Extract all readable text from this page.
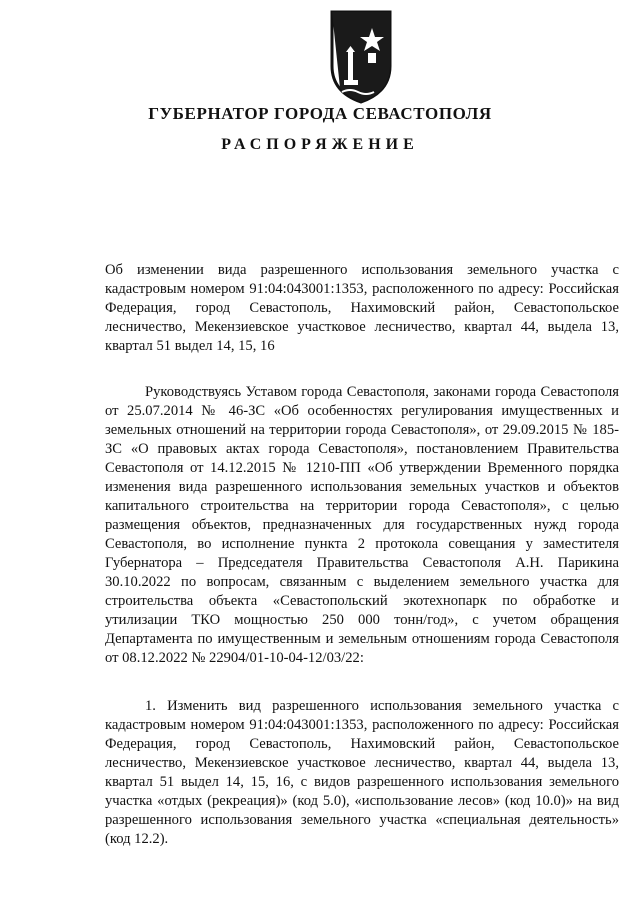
ГУБЕРНАТОР ГОРОДА СЕВАСТОПОЛЯ
РАСПОРЯЖЕНИЕ

Об изменении вида разрешенного использования земельного участка с кадастровым номером 91:04:043001:1353, расположенного по адресу: Российская Федерация, город Севастополь, Нахимовский район, Севастопольское лесничество, Мекензиевское участковое лесничество, квартал 44, выдела 13, квартал 51 выдел 14, 15, 16

Руководствуясь Уставом города Севастополя, законами города Севастополя от 25.07.2014 № 46-ЗС «Об особенностях регулирования имущественных и земельных отношений на территории города Севастополя», от 29.09.2015 № 185-ЗС «О правовых актах города Севастополя», постановлением Правительства Севастополя от 14.12.2015 № 1210-ПП «Об утверждении Временного порядка изменения вида разрешенного использования земельных участков и объектов капитального строительства на территории города Севастополя», с целью размещения объектов, предназначенных для государственных нужд города Севастополя, во исполнение пункта 2 протокола совещания у заместителя Губернатора – Председателя Правительства Севастополя А.Н. Парикина 30.10.2022 по вопросам, связанным с выделением земельного участка для строительства объекта «Севастопольский экотехнопарк по обработке и утилизации ТКО мощностью 250 000 тонн/год», с учетом обращения Департамента по имущественным и земельным отношениям города Севастополя от 08.12.2022 № 22904/01-10-04-12/03/22:

1. Изменить вид разрешенного использования земельного участка с кадастровым номером 91:04:043001:1353, расположенного по адресу: Российская Федерация, город Севастополь, Нахимовский район, Севастопольское лесничество, Мекензиевское участковое лесничество, квартал 44, выдела 13, квартал 51 выдел 14, 15, 16, с видов разрешенного использования земельного участка «отдых (рекреация)» (код 5.0), «использование лесов» (код 10.0)» на вид разрешенного использования земельного участка «специальная деятельность» (код 12.2).
